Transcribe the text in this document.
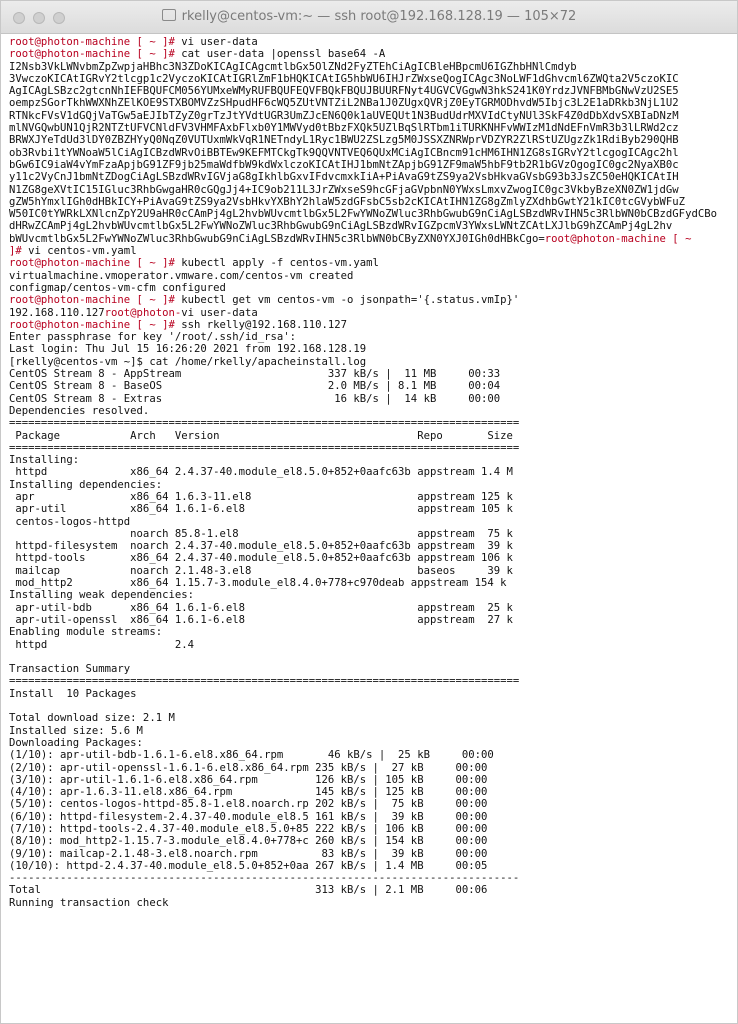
rkelly@centos-vm:~ — ssh root@192.168.128.19 — 105×72
root@photon-machine [ ~ ]# vi user-data
root@photon-machine [ ~ ]# cat user-data |openssl base64 -A
I2Nsb3VkLWNvbmZpZwpjaHBhc3N3ZDoKICAgICAgcmtlbGx5OlZNd2FyZTEhCiAgICBleHBpcmU6IGZhbHNlCmdyb
3VwczoKICAtIGRvY2tlcgp1c2VyczoKICAtIGRlZmF1bHQKICAtIG5hbWU6IHJrZWxseQogICAgc3NoLWF1dGhvcml6ZWQta2V5czoKIC
AgICAgLSBzc2gtcnNhIEFBQUFCM056YUMxeWMyRUFBQUFEQVFBQkFBQUJBUURFNyt4UGVCVGgwN3hkS241K0YrdzJVNFBMbGNwVzU2SE5
oempzSGorTkhWWXNhZElKOE9STXBOMVZzSHpudHF6cWQ5ZUtVNTZiL2NBa1J0ZUgxQVRjZ0EyTGRMODhvdW5Ibjc3L2E1aDRkb3NjL1U2
RTNkcFVsV1dGQjVaTGw5aEJIbTZyZ0grTzJtYVdtUGR3UmZJcEN6Q0k1aUVEQUt1N3BudUdrMXVIdCtyNUl3SkF4Z0dDbXdvSXBIaDNzM
mlNVGQwbUN1QjR2NTZtUFVCNldFV3VHMFAxbFlxb0Y1MWVyd0tBbzFXQk5UZlBqSlRTbm1iTURKNHFvWWIzM1dNdEFnVmR3b3lLRWd2cz
BRWXJYeTdUd3lDY0ZBZHYyQ0NqZ0VUTUxmWkVqR1NETndyL1Ryc1BWU2ZSLzg5M0JSSXZNRWprVDZYR2ZlRStUZUgzZk1RdiByb290QHB
ob3Rvbi1tYWNoaW5lCiAgICBzdWRvOiBBTEw9KEFMTCkgTk9QQVNTVEQ6QUxMCiAgICBncm91cHM6IHN1ZG8sIGRvY2tlcgogICAgc2hl
bGw6IC9iaW4vYmFzaApjbG91ZF9jb25maWdfbW9kdWxlczoKICAtIHJ1bmNtZApjbG91ZF9maW5hbF9tb2R1bGVzOgogIC0gc2NyaXB0c
y11c2VyCnJ1bmNtZDogCiAgLSBzdWRvIGVjaG8gIkhlbGxvIFdvcmxkIiA+PiAvaG9tZS9ya2VsbHkvaGVsbG93b3JsZC50eHQKICAtIH
N1ZG8geXVtIC15IGluc3RhbGwgaHR0cGQgJj4+IC9ob211L3JrZWxseS9hcGFjaGVpbnN0YWxsLmxvZwogIC0gc3VkbyBzeXN0ZW1jdGw
gZW5hYmxlIGh0dHBkICY+PiAvaG9tZS9ya2VsbHkvYXBhY2hlaW5zdGFsbC5sb2cKICAtIHN1ZG8gZmlyZXdhbGwtY21kIC0tcGVybWFuZ
W50IC0tYWRkLXNlcnZpY2U9aHR0cCAmPj4gL2hvbWUvcmtlbGx5L2FwYWNoZWluc3RhbGwubG9nCiAgLSBzdWRvIHN5c3RlbWN0bCBzdGFydCBo
dHRwZCAmPj4gL2hvbWUvcmtlbGx5L2FwYWNoZWluc3RhbGwubG9nCiAgLSBzdWRvIGZpcmV3YWxsLWNtZCAtLXJlbG9hZCAmPj4gL2hv
bWUvcmtlbGx5L2FwYWNoZWluc3RhbGwubG9nCiAgLSBzdWRvIHN5c3RlbWN0bCByZXN0YXJ0IGh0dHBkCgo=root@photon-machine [ ~
]# vi centos-vm.yaml
root@photon-machine [ ~ ]# kubectl apply -f centos-vm.yaml
virtualmachine.vmoperator.vmware.com/centos-vm created
configmap/centos-vm-cfm configured
root@photon-machine [ ~ ]# kubectl get vm centos-vm -o jsonpath='{.status.vmIp}'
192.168.110.127root@photon-vi user-data
root@photon-machine [ ~ ]# ssh rkelly@192.168.110.127
Enter passphrase for key '/root/.ssh/id_rsa':
Last login: Thu Jul 15 16:26:20 2021 from 192.168.128.19
[rkelly@centos-vm ~]$ cat /home/rkelly/apacheinstall.log
CentOS Stream 8 - AppStream                       337 kB/s |  11 MB     00:33
CentOS Stream 8 - BaseOS                          2.0 MB/s | 8.1 MB     00:04
CentOS Stream 8 - Extras                           16 kB/s |  14 kB     00:00
Dependencies resolved.
================================================================================
Package           Arch   Version                               Repo       Size
================================================================================
Installing:
httpd             x86_64 2.4.37-40.module_el8.5.0+852+0aafc63b appstream 1.4 M
Installing dependencies:
apr               x86_64 1.6.3-11.el8                          appstream 125 k
apr-util          x86_64 1.6.1-6.el8                           appstream 105 k
centos-logos-httpd
noarch 85.8-1.el8                            appstream  75 k
httpd-filesystem  noarch 2.4.37-40.module_el8.5.0+852+0aafc63b appstream  39 k
httpd-tools       x86_64 2.4.37-40.module_el8.5.0+852+0aafc63b appstream 106 k
mailcap           noarch 2.1.48-3.el8                          baseos     39 k
mod_http2         x86_64 1.15.7-3.module_el8.4.0+778+c970deab appstream 154 k
Installing weak dependencies:
apr-util-bdb      x86_64 1.6.1-6.el8                           appstream  25 k
apr-util-openssl  x86_64 1.6.1-6.el8                           appstream  27 k
Enabling module streams:
httpd                    2.4
Transaction Summary
================================================================================
Install  10 Packages
Total download size: 2.1 M
Installed size: 5.6 M
Downloading Packages:
(1/10): apr-util-bdb-1.6.1-6.el8.x86_64.rpm       46 kB/s |  25 kB     00:00
(2/10): apr-util-openssl-1.6.1-6.el8.x86_64.rpm 235 kB/s |  27 kB     00:00
(3/10): apr-util-1.6.1-6.el8.x86_64.rpm         126 kB/s | 105 kB     00:00
(4/10): apr-1.6.3-11.el8.x86_64.rpm             145 kB/s | 125 kB     00:00
(5/10): centos-logos-httpd-85.8-1.el8.noarch.rp 202 kB/s |  75 kB     00:00
(6/10): httpd-filesystem-2.4.37-40.module_el8.5 161 kB/s |  39 kB     00:00
(7/10): httpd-tools-2.4.37-40.module_el8.5.0+85 222 kB/s | 106 kB     00:00
(8/10): mod_http2-1.15.7-3.module_el8.4.0+778+c 260 kB/s | 154 kB     00:00
(9/10): mailcap-2.1.48-3.el8.noarch.rpm          83 kB/s |  39 kB     00:00
(10/10): httpd-2.4.37-40.module_el8.5.0+852+0aa 267 kB/s | 1.4 MB     00:05
--------------------------------------------------------------------------------
Total                                           313 kB/s | 2.1 MB     00:06
Running transaction check
